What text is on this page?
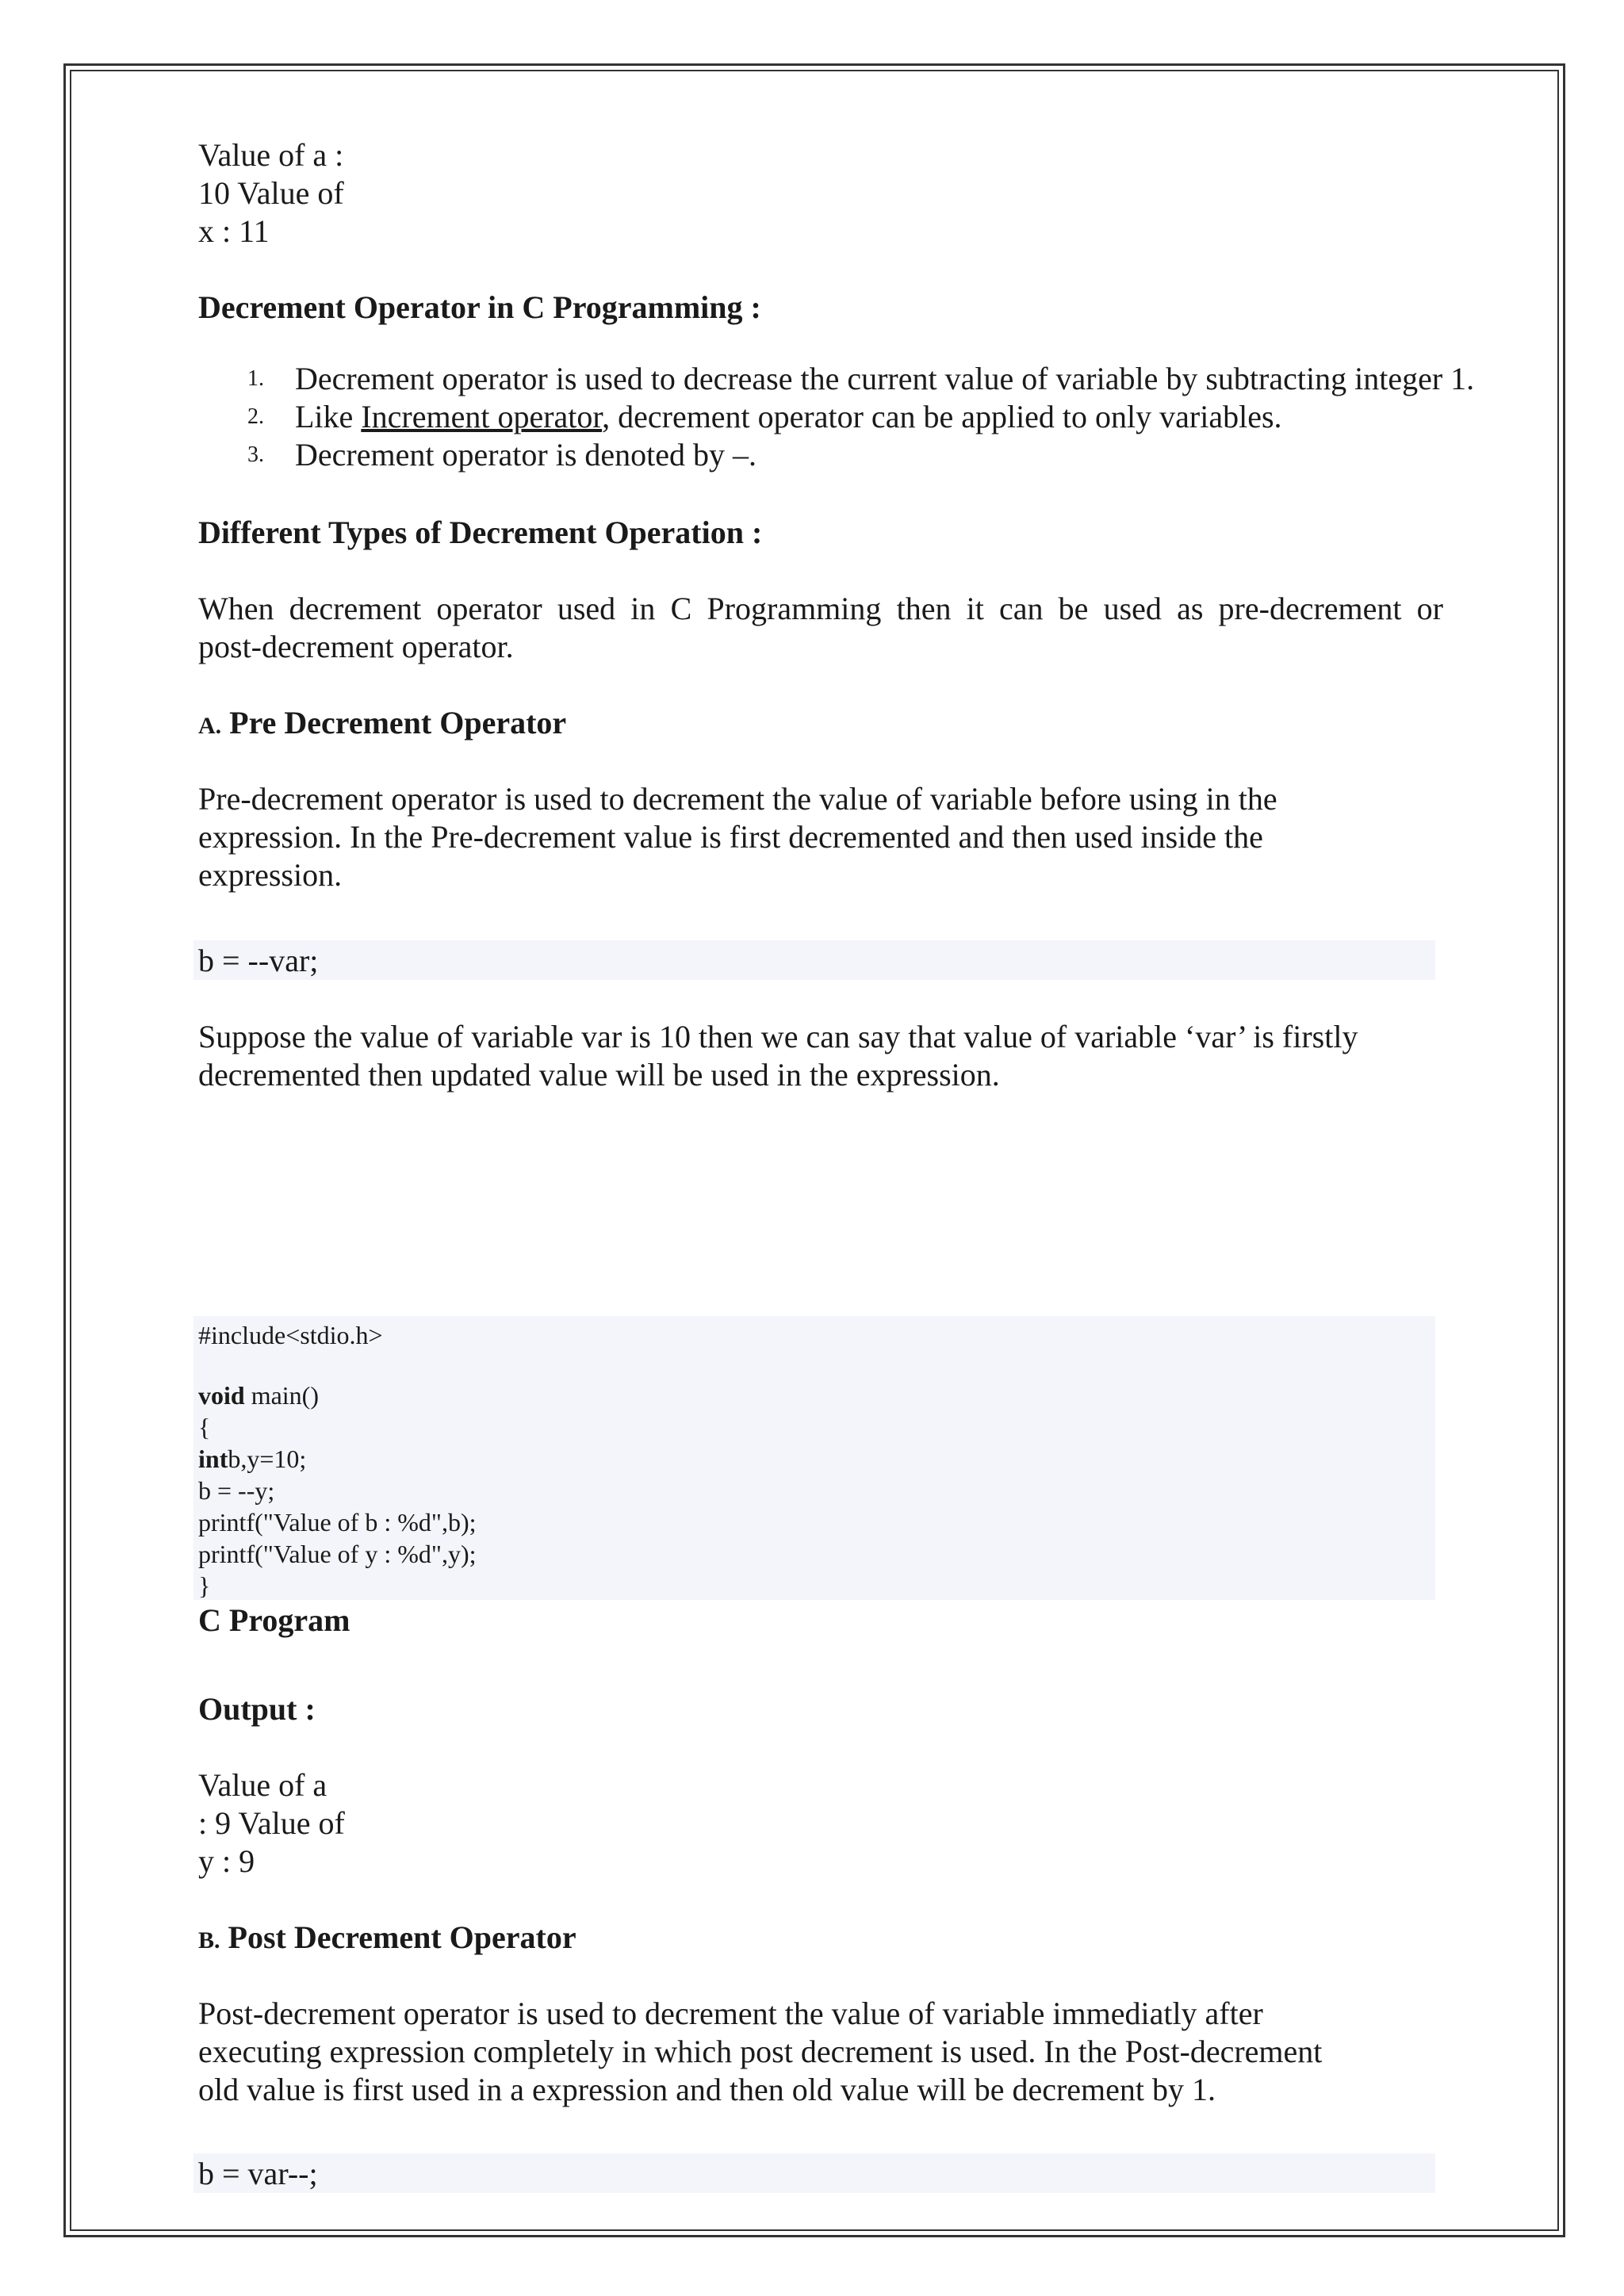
Value of a :

10 Value of

x : 11

Decrement Operator in C Programming :
1. Decrement operator is used to decrease the current value of variable by subtracting integer 1.
2. Like Increment operator, decrement operator can be applied to only variables.
3. Decrement operator is denoted by –.
Different Types of Decrement Operation :

When decrement operator used in C Programming then it can be used as pre-decrement or

post-decrement operator.

A. Pre Decrement Operator

Pre-decrement operator is used to decrement the value of variable before using in the

expression. In the Pre-decrement value is first decremented and then used inside the

expression.

b = --var;

Suppose the value of variable var is 10 then we can say that value of variable ‘var’ is firstly

decremented then updated value will be used in the expression.

#include<stdio.h>
void main()
{
intb,y=10;
b = --y;
printf("Value of b : %d",b);
printf("Value of y : %d",y);
}
C Program
Output :

Value of a

: 9 Value of

y : 9

B. Post Decrement Operator

Post-decrement operator is used to decrement the value of variable immediatly after

executing expression completely in which post decrement is used. In the Post-decrement

old value is first used in a expression and then old value will be decrement by 1.

b = var--;
